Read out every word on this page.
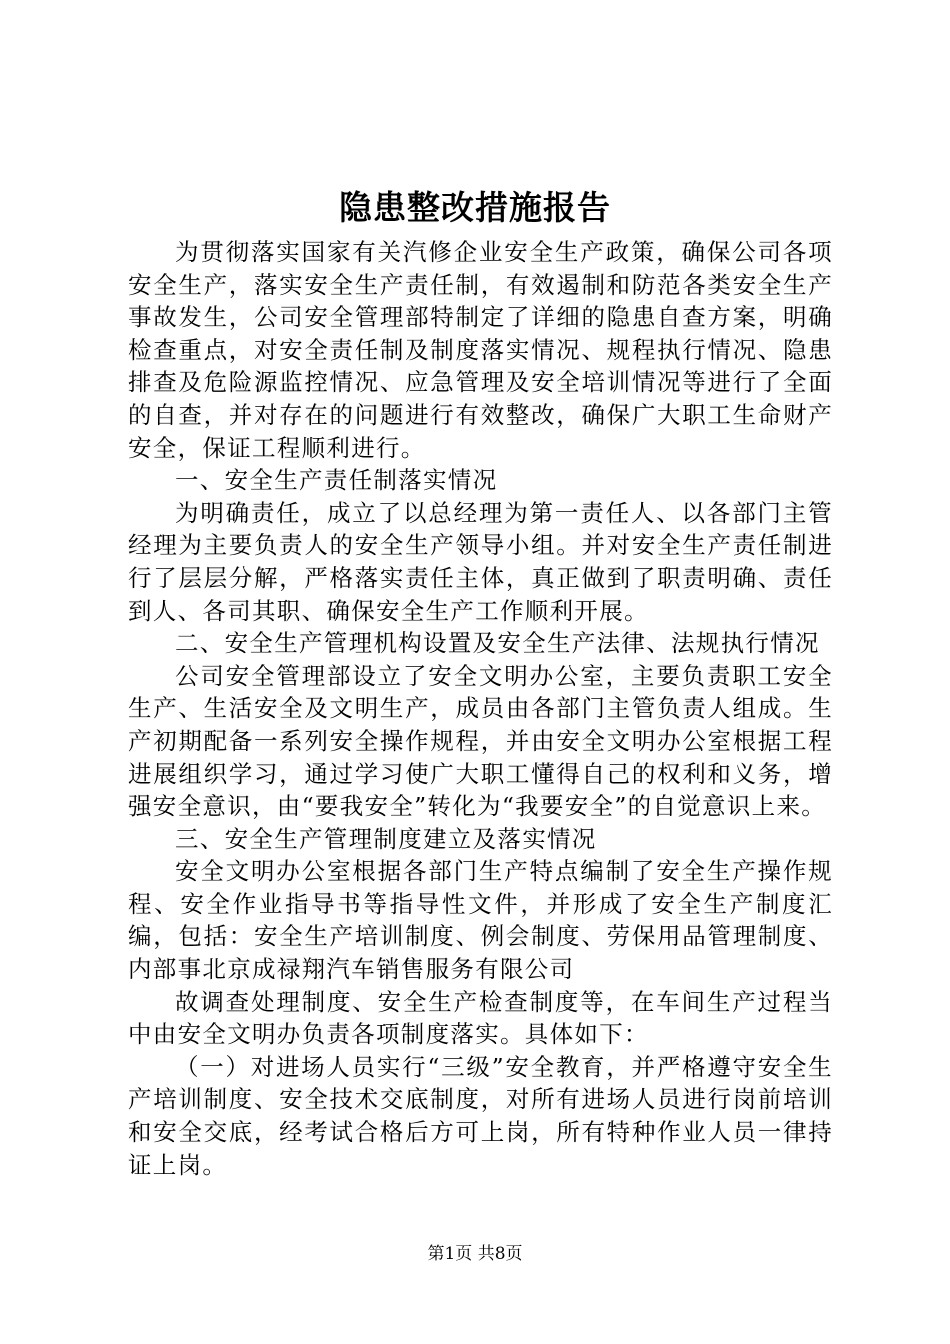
隐患整改措施报告

为贯彻落实国家有关汽修企业安全生产政策，确保公司各项安全生产，落实安全生产责任制，有效遏制和防范各类安全生产事故发生，公司安全管理部特制定了详细的隐患自查方案，明确检查重点，对安全责任制及制度落实情况、规程执行情况、隐患排查及危险源监控情况、应急管理及安全培训情况等进行了全面的自查，并对存在的问题进行有效整改，确保广大职工生命财产安全，保证工程顺利进行。

一、安全生产责任制落实情况

为明确责任，成立了以总经理为第一责任人、以各部门主管经理为主要负责人的安全生产领导小组。并对安全生产责任制进行了层层分解，严格落实责任主体，真正做到了职责明确、责任到人、各司其职、确保安全生产工作顺利开展。

二、安全生产管理机构设置及安全生产法律、法规执行情况

公司安全管理部设立了安全文明办公室，主要负责职工安全生产、生活安全及文明生产，成员由各部门主管负责人组成。生产初期配备一系列安全操作规程，并由安全文明办公室根据工程进展组织学习，通过学习使广大职工懂得自己的权利和义务，增强安全意识，由“要我安全”转化为“我要安全”的自觉意识上来。

三、安全生产管理制度建立及落实情况

安全文明办公室根据各部门生产特点编制了安全生产操作规程、安全作业指导书等指导性文件，并形成了安全生产制度汇编，包括：安全生产培训制度、例会制度、劳保用品管理制度、内部事北京成禄翔汽车销售服务有限公司

故调查处理制度、安全生产检查制度等，在车间生产过程当中由安全文明办负责各项制度落实。具体如下：

（一）对进场人员实行“三级”安全教育，并严格遵守安全生产培训制度、安全技术交底制度，对所有进场人员进行岗前培训和安全交底，经考试合格后方可上岗，所有特种作业人员一律持证上岗。

第1页 共8页
